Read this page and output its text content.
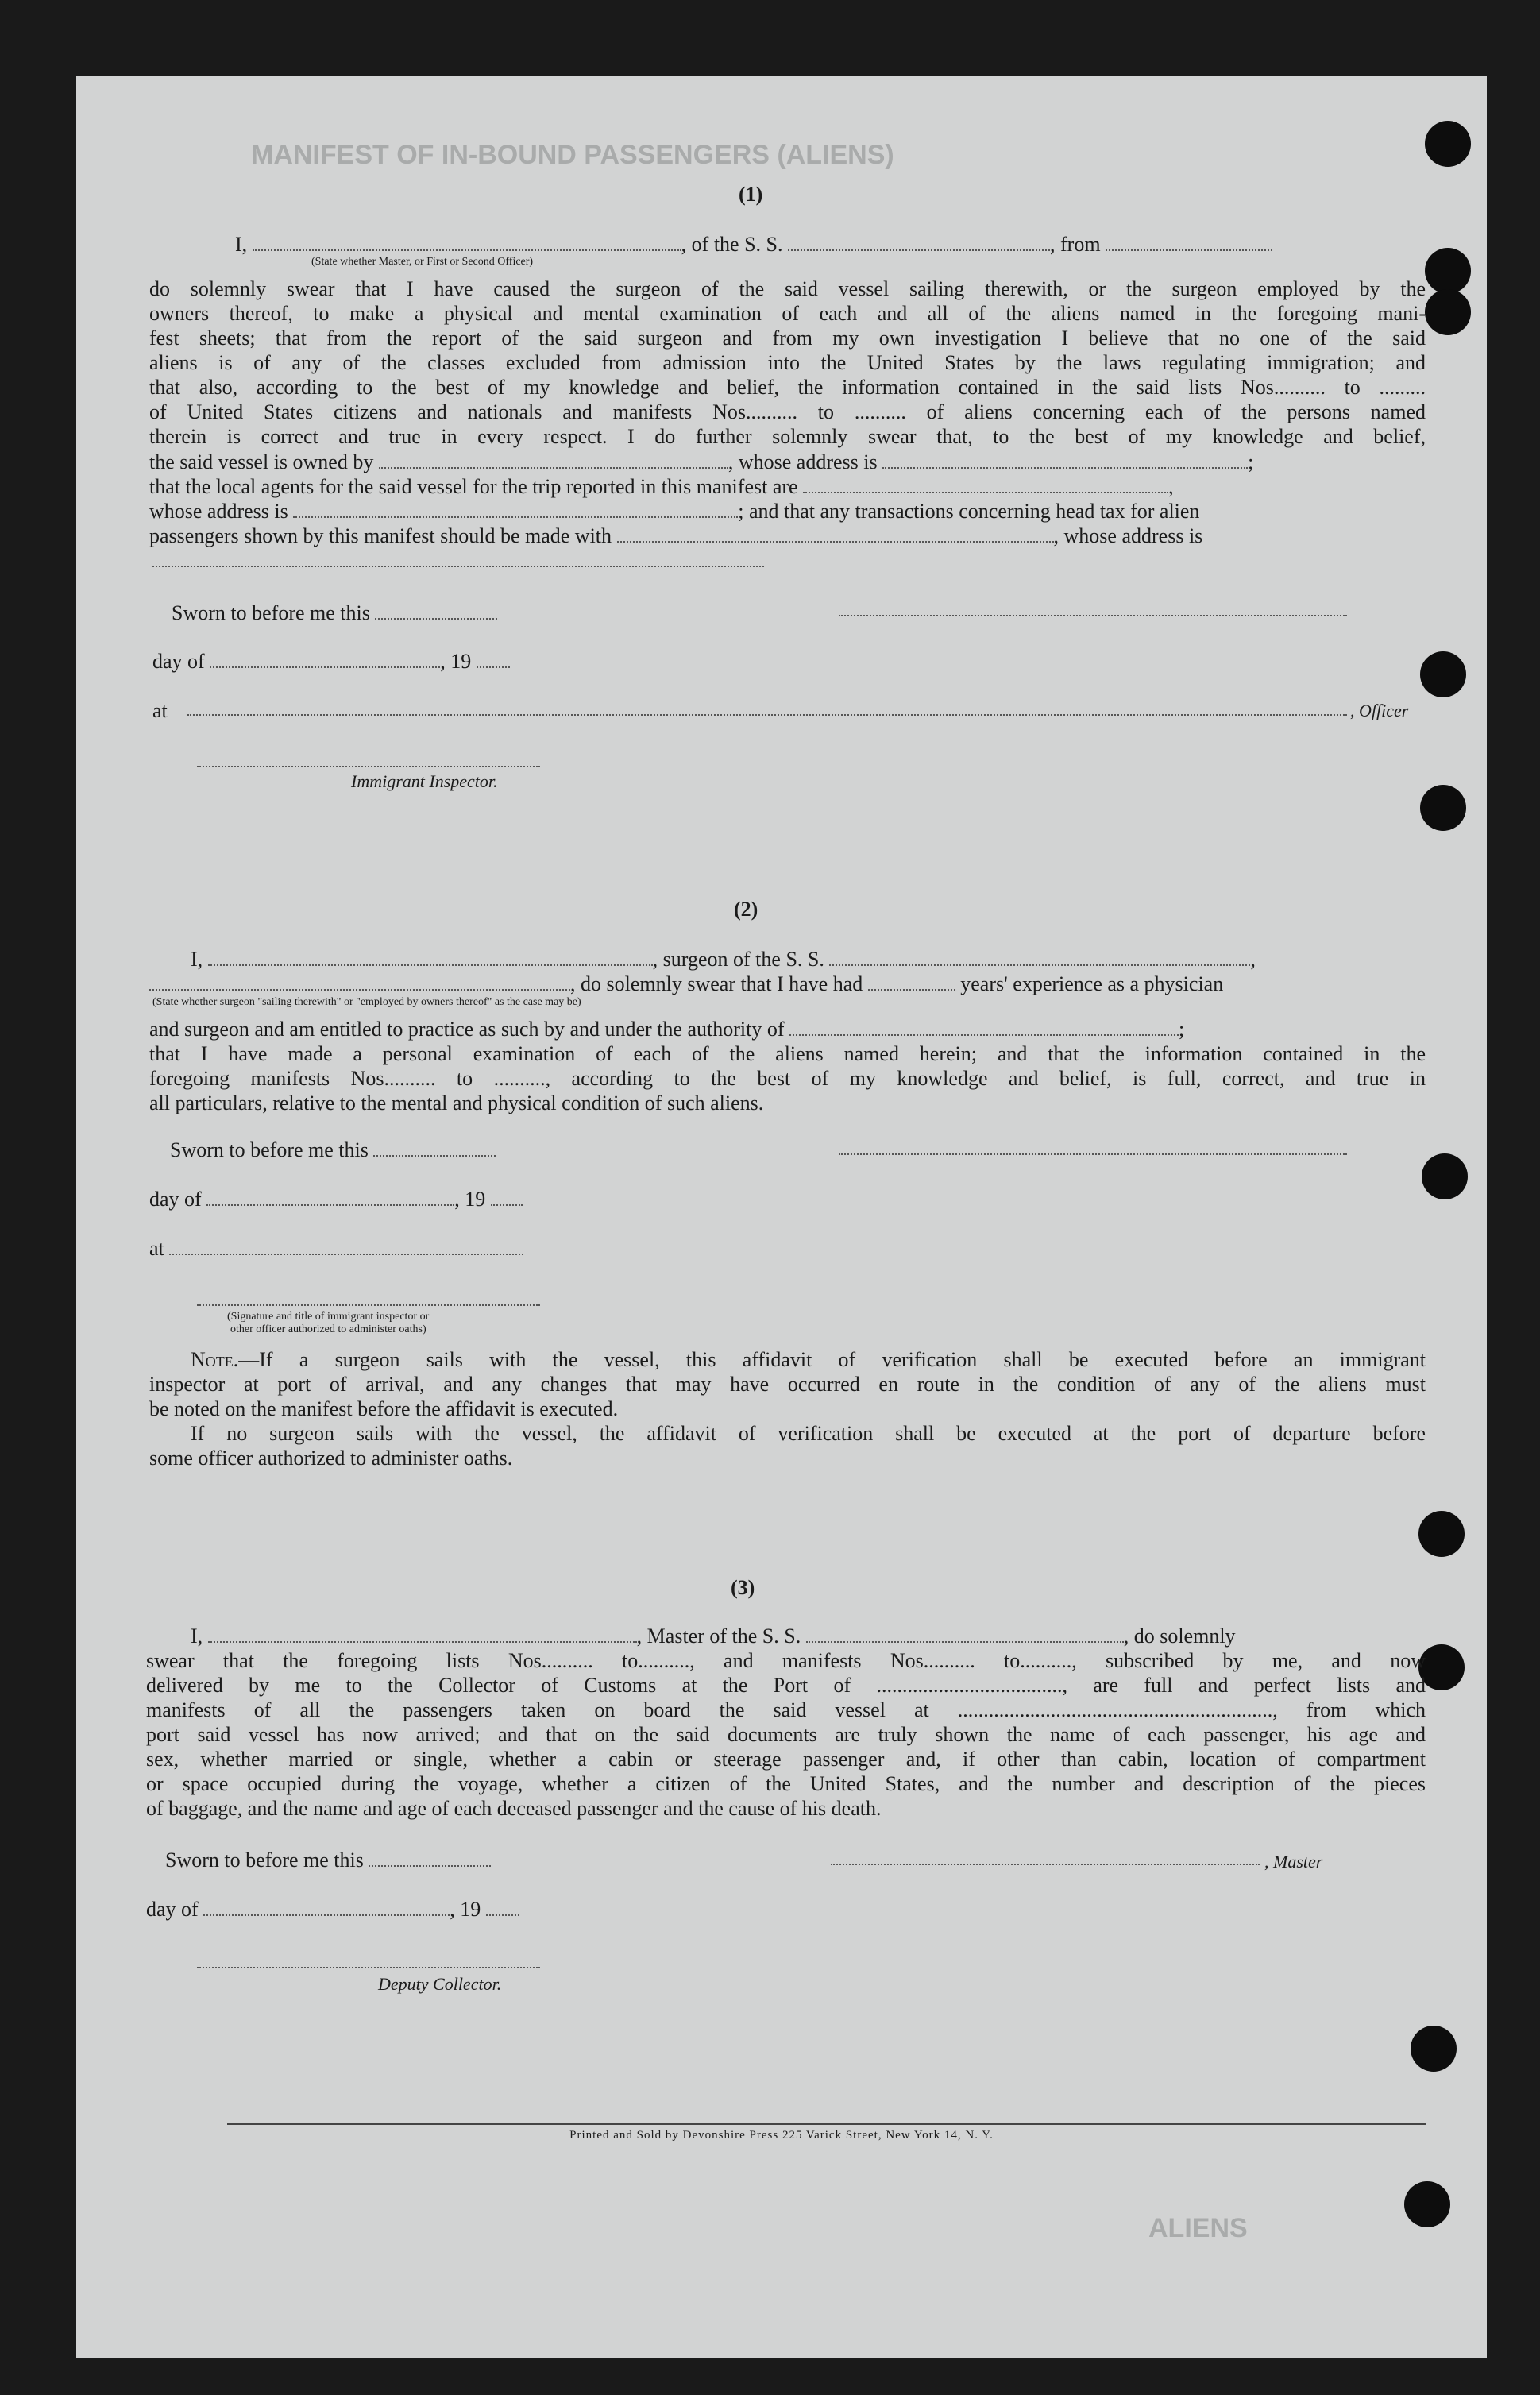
MANIFEST OF IN-BOUND PASSENGERS (ALIENS)
ALIENS
(1)
I,	, of the S. S.	, from
(State whether Master, or First or Second Officer)
do solemnly swear that I have caused the surgeon of the said vessel sailing therewith, or the surgeon employed by the
owners thereof, to make a physical and mental examination of each and all of the aliens named in the foregoing mani-
fest sheets; that from the report of the said surgeon and from my own investigation I believe that no one of the said
aliens is of any of the classes excluded from admission into the United States by the laws regulating immigration; and
that also, according to the best of my knowledge and belief, the information contained in the said lists Nos.......... to .........
of United States citizens and nationals and manifests Nos.......... to .......... of aliens concerning each of the persons named
therein is correct and true in every respect. I do further solemnly swear that, to the best of my knowledge and belief,
the said vessel is owned by	, whose address is	;
that the local agents for the said vessel for the trip reported in this manifest are	,
whose address is	; and that any transactions concerning head tax for alien
passengers shown by this manifest should be made with	, whose address is
Sworn to before me this
day of	, 19
at	, Officer
Immigrant Inspector.
(2)
I,	, surgeon of the S. S.	,
, do solemnly swear that I have had	years' experience as a physician
(State whether surgeon "sailing therewith" or "employed by owners thereof" as the case may be)
and surgeon and am entitled to practice as such by and under the authority of	;
that I have made a personal examination of each of the aliens named herein; and that the information contained in the
foregoing manifests Nos.......... to .........., according to the best of my knowledge and belief, is full, correct, and true in
all particulars, relative to the mental and physical condition of such aliens.
Sworn to before me this
day of	, 19
at
(Signature and title of immigrant inspector or
other officer authorized to administer oaths)
Note.—If a surgeon sails with the vessel, this affidavit of verification shall be executed before an immigrant
inspector at port of arrival, and any changes that may have occurred en route in the condition of any of the aliens must
be noted on the manifest before the affidavit is executed.
If no surgeon sails with the vessel, the affidavit of verification shall be executed at the port of departure before
some officer authorized to administer oaths.
(3)
I,	, Master of the S. S.	, do solemnly
swear that the foregoing lists Nos.......... to.........., and manifests Nos.......... to.........., subscribed by me, and now
delivered by me to the Collector of Customs at the Port of ...................................., are full and perfect lists and
manifests of all the passengers taken on board the said vessel at ............................................................., from which
port said vessel has now arrived; and that on the said documents are truly shown the name of each passenger, his age and
sex, whether married or single, whether a cabin or steerage passenger and, if other than cabin, location of compartment
or space occupied during the voyage, whether a citizen of the United States, and the number and description of the pieces
of baggage, and the name and age of each deceased passenger and the cause of his death.
Sworn to before me this	, Master
day of	, 19
Deputy Collector.
Printed and Sold by Devonshire Press 225 Varick Street, New York 14, N. Y.
